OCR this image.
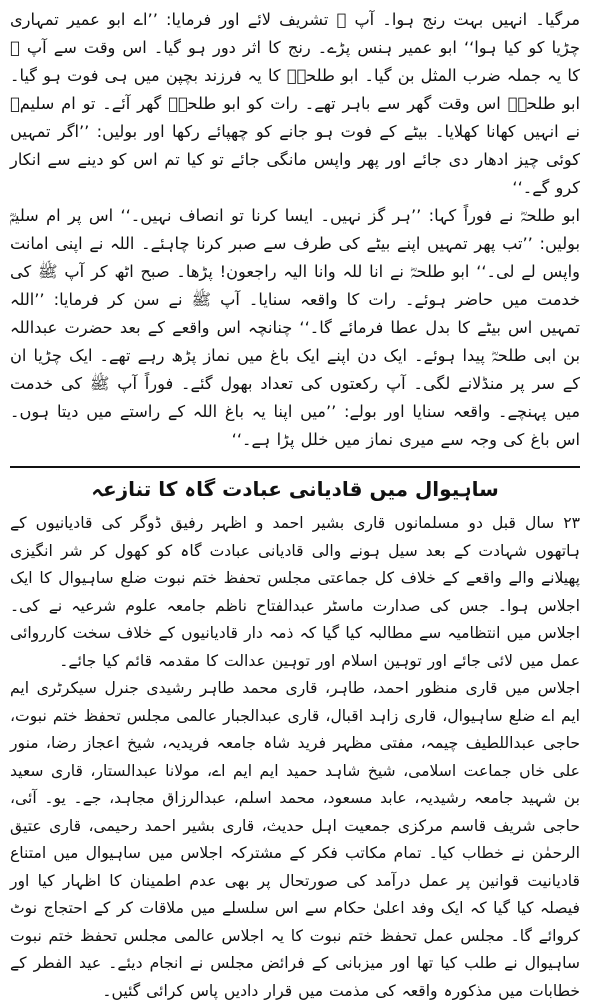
مرگیا۔ انہیں بہت رنج ہوا۔ آپ ﷺ تشریف لائے اور فرمایا: ’’اے ابو عمیر تمہاری چڑیا کو کیا ہوا‘‘ ابو عمیر ہنس پڑے۔ رنج کا اثر دور ہو گیا۔ اس وقت سے آپ ﷺ کا یہ جملہ ضرب المثل بن گیا۔ ابو طلحہؓ کا یہ فرزند بچپن میں ہی فوت ہو گیا۔ ابو طلحہؓ اس وقت گھر سے باہر تھے۔ رات کو ابو طلحہؓ گھر آئے۔ تو ام سلیمؓ نے انہیں کھانا کھلایا۔ بیٹے کے فوت ہو جانے کو چھپائے رکھا اور بولیں: ’’اگر تمہیں کوئی چیز ادھار دی جائے اور پھر واپس مانگی جائے تو کیا تم اس کو دینے سے انکار کرو گے۔‘‘

ابو طلحہؓ نے فوراً کہا: ’’ہر گز نہیں۔ ایسا کرنا تو انصاف نہیں۔‘‘ اس پر ام سلیمؓ بولیں: ’’تب پھر تمہیں اپنے بیٹے کی طرف سے صبر کرنا چاہئے۔ اللہ نے اپنی امانت واپس لے لی۔‘‘ ابو طلحہؓ نے انا للہ وانا الیہ راجعون! پڑھا۔ صبح اٹھ کر آپ ﷺ کی خدمت میں حاضر ہوئے۔ رات کا واقعہ سنایا۔ آپ ﷺ نے سن کر فرمایا: ’’اللہ تمہیں اس بیٹے کا بدل عطا فرمائے گا۔‘‘ چنانچہ اس واقعے کے بعد حضرت عبداللہ بن ابی طلحہؓ پیدا ہوئے۔ ایک دن اپنے ایک باغ میں نماز پڑھ رہے تھے۔ ایک چڑیا ان کے سر پر منڈلانے لگی۔ آپ رکعتوں کی تعداد بھول گئے۔ فوراً آپ ﷺ کی خدمت میں پہنچے۔ واقعہ سنایا اور بولے: ’’میں اپنا یہ باغ اللہ کے راستے میں دیتا ہوں۔ اس باغ کی وجہ سے میری نماز میں خلل پڑا ہے۔‘‘

ساہیوال میں قادیانی عبادت گاہ کا تنازعہ

۲۳ سال قبل دو مسلمانوں قاری بشیر احمد و اظہر رفیق ڈوگر کی قادیانیوں کے ہاتھوں شہادت کے بعد سیل ہونے والی قادیانی عبادت گاہ کو کھول کر شر انگیزی پھیلانے والے واقعے کے خلاف کل جماعتی مجلس تحفظ ختم نبوت ضلع ساہیوال کا ایک اجلاس ہوا۔ جس کی صدارت ماسٹر عبدالفتاح ناظم جامعہ علوم شرعیہ نے کی۔ اجلاس میں انتظامیہ سے مطالبہ کیا گیا کہ ذمہ دار قادیانیوں کے خلاف سخت کارروائی عمل میں لائی جائے اور توہین اسلام اور توہین عدالت کا مقدمہ قائم کیا جائے۔

اجلاس میں قاری منظور احمد، طاہر، قاری محمد طاہر رشیدی جنرل سیکرٹری ایم ایم اے ضلع ساہیوال، قاری زاہد اقبال، قاری عبدالجبار عالمی مجلس تحفظ ختم نبوت، حاجی عبداللطیف چیمہ، مفتی مظہر فرید شاہ جامعہ فریدیہ، شیخ اعجاز رضا، منور علی خاں جماعت اسلامی، شیخ شاہد حمید ایم ایم اے، مولانا عبدالستار، قاری سعید بن شہید جامعہ رشیدیہ، عابد مسعود، محمد اسلم، عبدالرزاق مجاہد، جے۔ یو۔ آئی، حاجی شریف قاسم مرکزی جمعیت اہل حدیث، قاری بشیر احمد رحیمی، قاری عتیق الرحمٰن نے خطاب کیا۔ تمام مکاتب فکر کے مشترکہ اجلاس میں ساہیوال میں امتناع قادیانیت قوانین پر عمل درآمد کی صورتحال پر بھی عدم اطمینان کا اظہار کیا اور فیصلہ کیا گیا کہ ایک وفد اعلیٰ حکام سے اس سلسلے میں ملاقات کر کے احتجاج نوٹ کروائے گا۔ مجلس عمل تحفظ ختم نبوت کا یہ اجلاس عالمی مجلس تحفظ ختم نبوت ساہیوال نے طلب کیا تھا اور میزبانی کے فرائض مجلس نے انجام دیئے۔ عید الفطر کے خطابات میں مذکورہ واقعہ کی مذمت میں قرار دادیں پاس کرائی گئیں۔
